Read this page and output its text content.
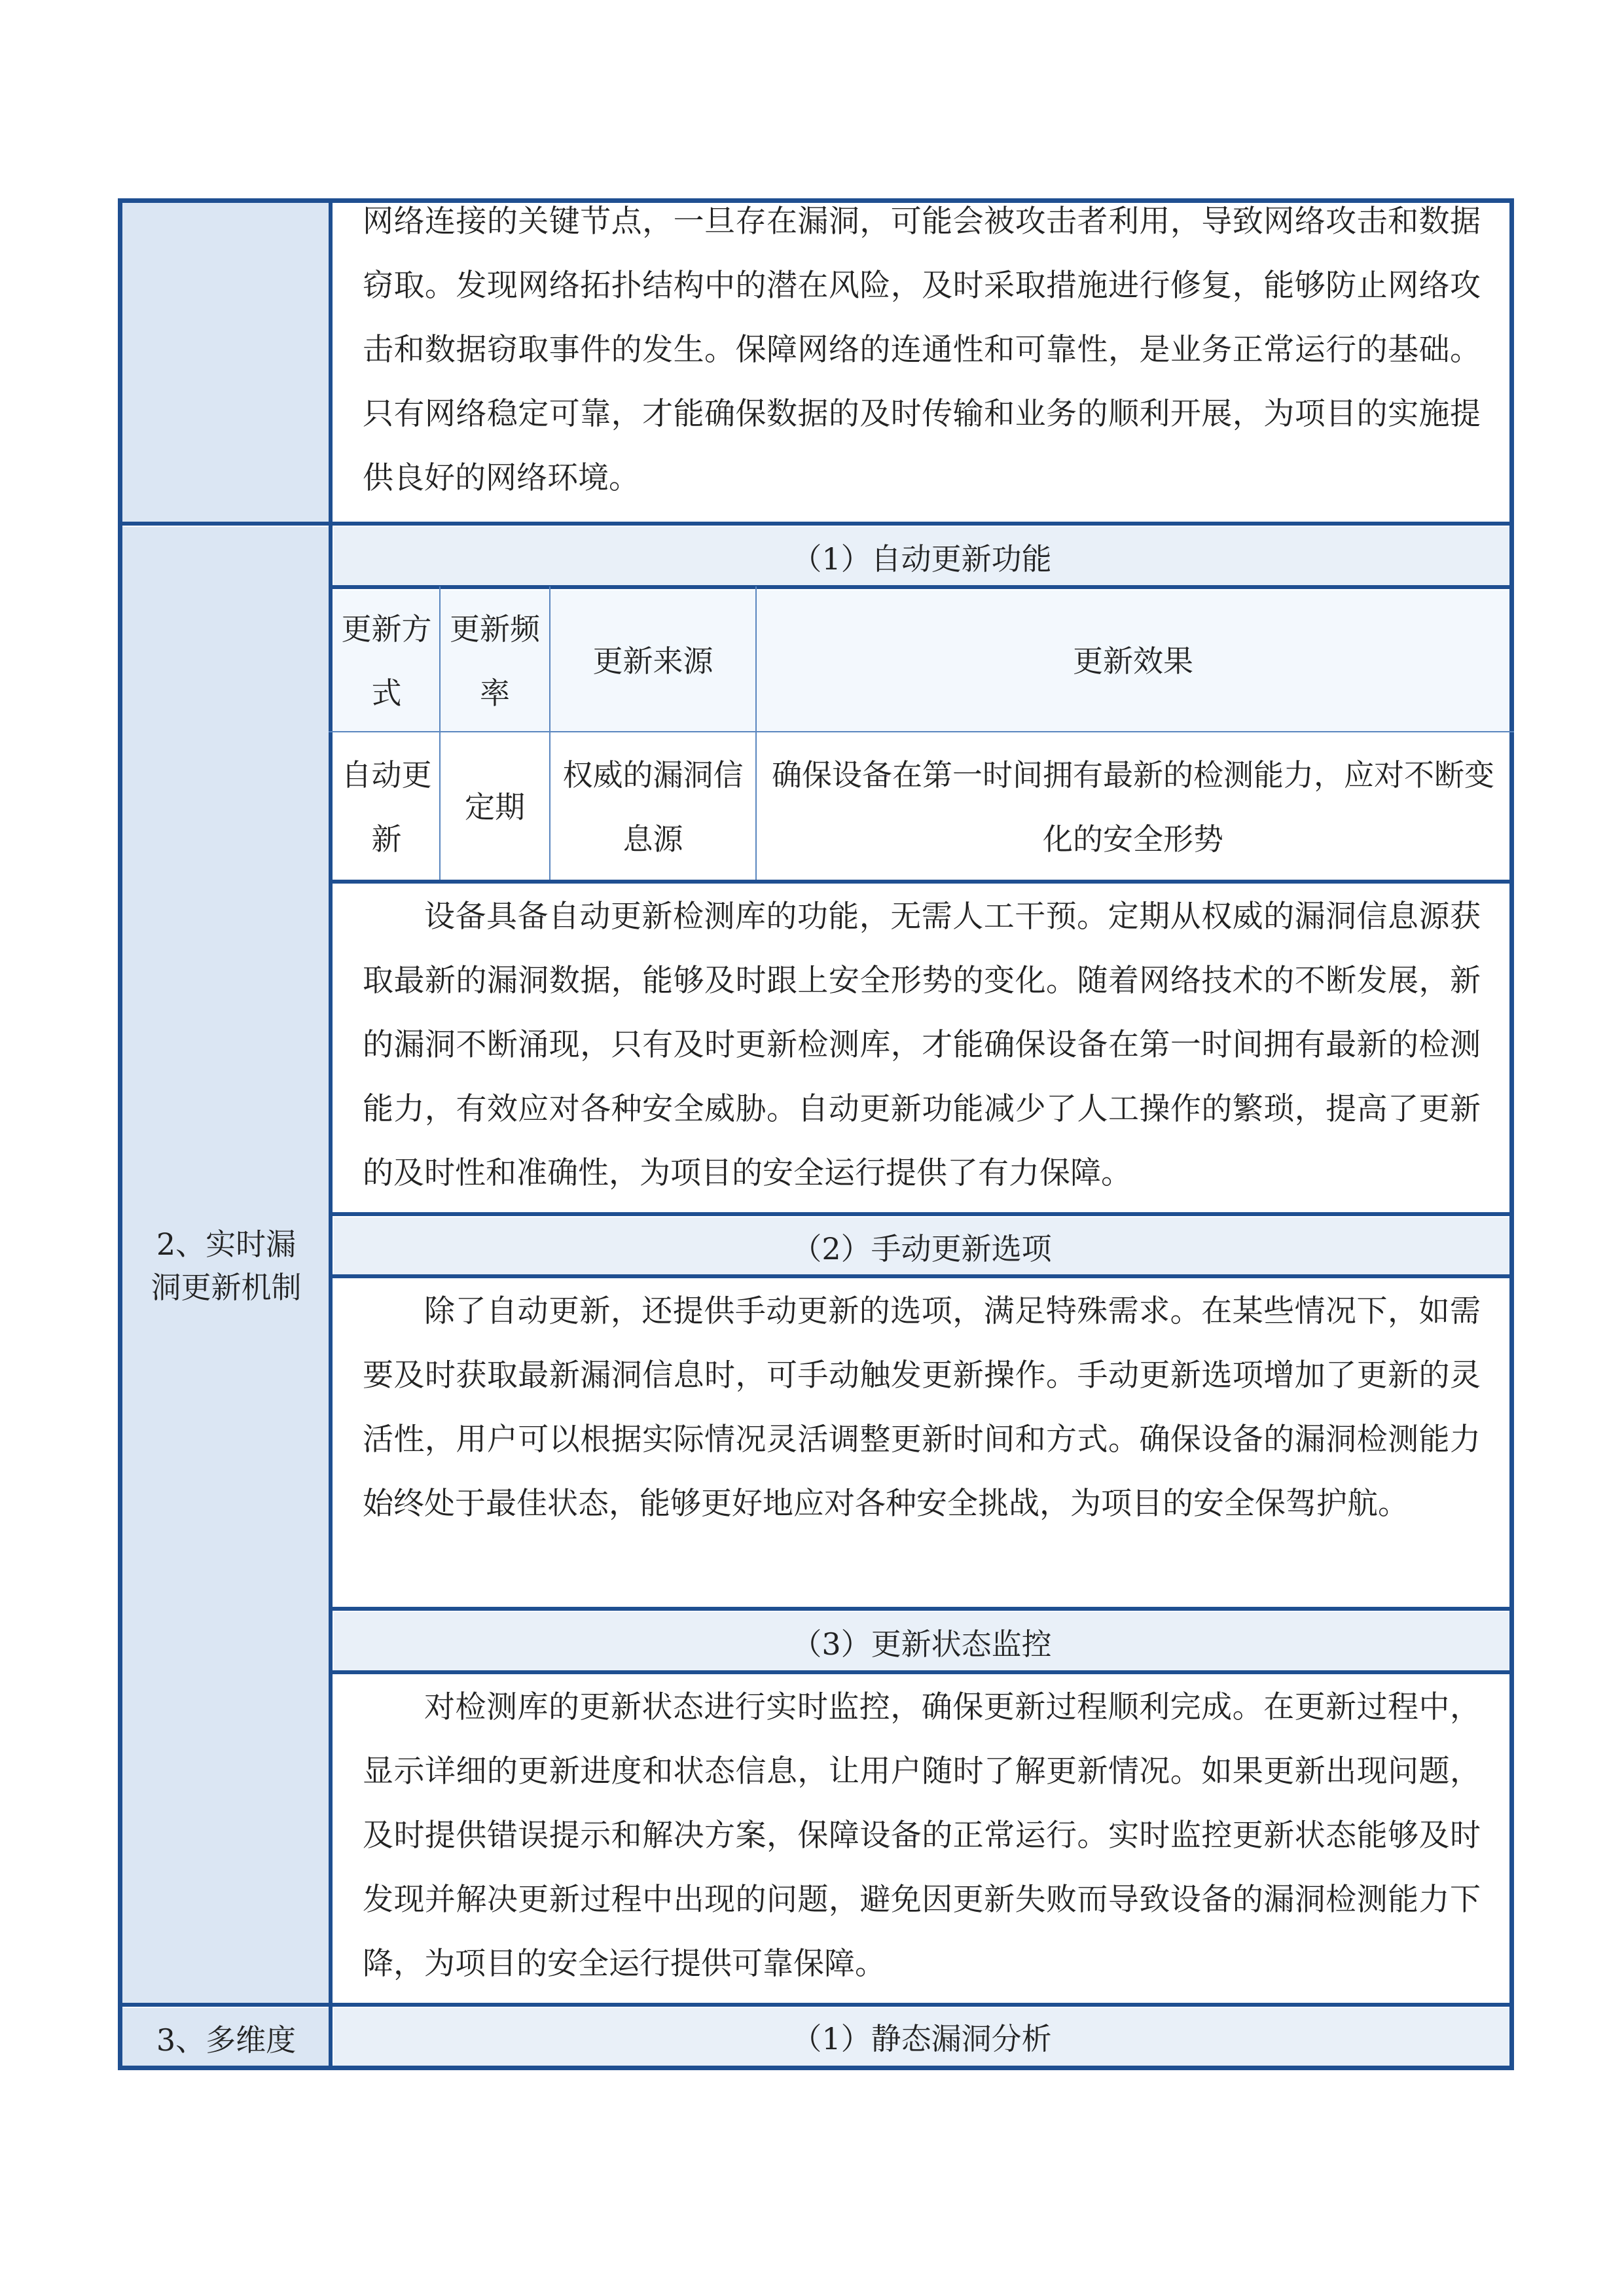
2、实时漏洞更新机制
3、多维度
网络连接的关键节点，一旦存在漏洞，可能会被攻击者利用，导致网络攻击和数据窃取。发现网络拓扑结构中的潜在风险，及时采取措施进行修复，能够防止网络攻击和数据窃取事件的发生。保障网络的连通性和可靠性，是业务正常运行的基础。只有网络稳定可靠，才能确保数据的及时传输和业务的顺利开展，为项目的实施提供良好的网络环境。
（1）自动更新功能
更新方式
更新频率
更新来源	更新效果
自动更新
定期
权威的漏洞信息源
确保设备在第一时间拥有最新的检测能力，应对不断变化的安全形势
设备具备自动更新检测库的功能，无需人工干预。定期从权威的漏洞信息源获取最新的漏洞数据，能够及时跟上安全形势的变化。随着网络技术的不断发展，新的漏洞不断涌现，只有及时更新检测库，才能确保设备在第一时间拥有最新的检测能力，有效应对各种安全威胁。自动更新功能减少了人工操作的繁琐，提高了更新的及时性和准确性，为项目的安全运行提供了有力保障。
（2）手动更新选项
除了自动更新，还提供手动更新的选项，满足特殊需求。在某些情况下，如需要及时获取最新漏洞信息时，可手动触发更新操作。手动更新选项增加了更新的灵活性，用户可以根据实际情况灵活调整更新时间和方式。确保设备的漏洞检测能力始终处于最佳状态，能够更好地应对各种安全挑战，为项目的安全保驾护航。
（3）更新状态监控
对检测库的更新状态进行实时监控，确保更新过程顺利完成。在更新过程中，显示详细的更新进度和状态信息，让用户随时了解更新情况。如果更新出现问题，及时提供错误提示和解决方案，保障设备的正常运行。实时监控更新状态能够及时发现并解决更新过程中出现的问题，避免因更新失败而导致设备的漏洞检测能力下降，为项目的安全运行提供可靠保障。
（1）静态漏洞分析
